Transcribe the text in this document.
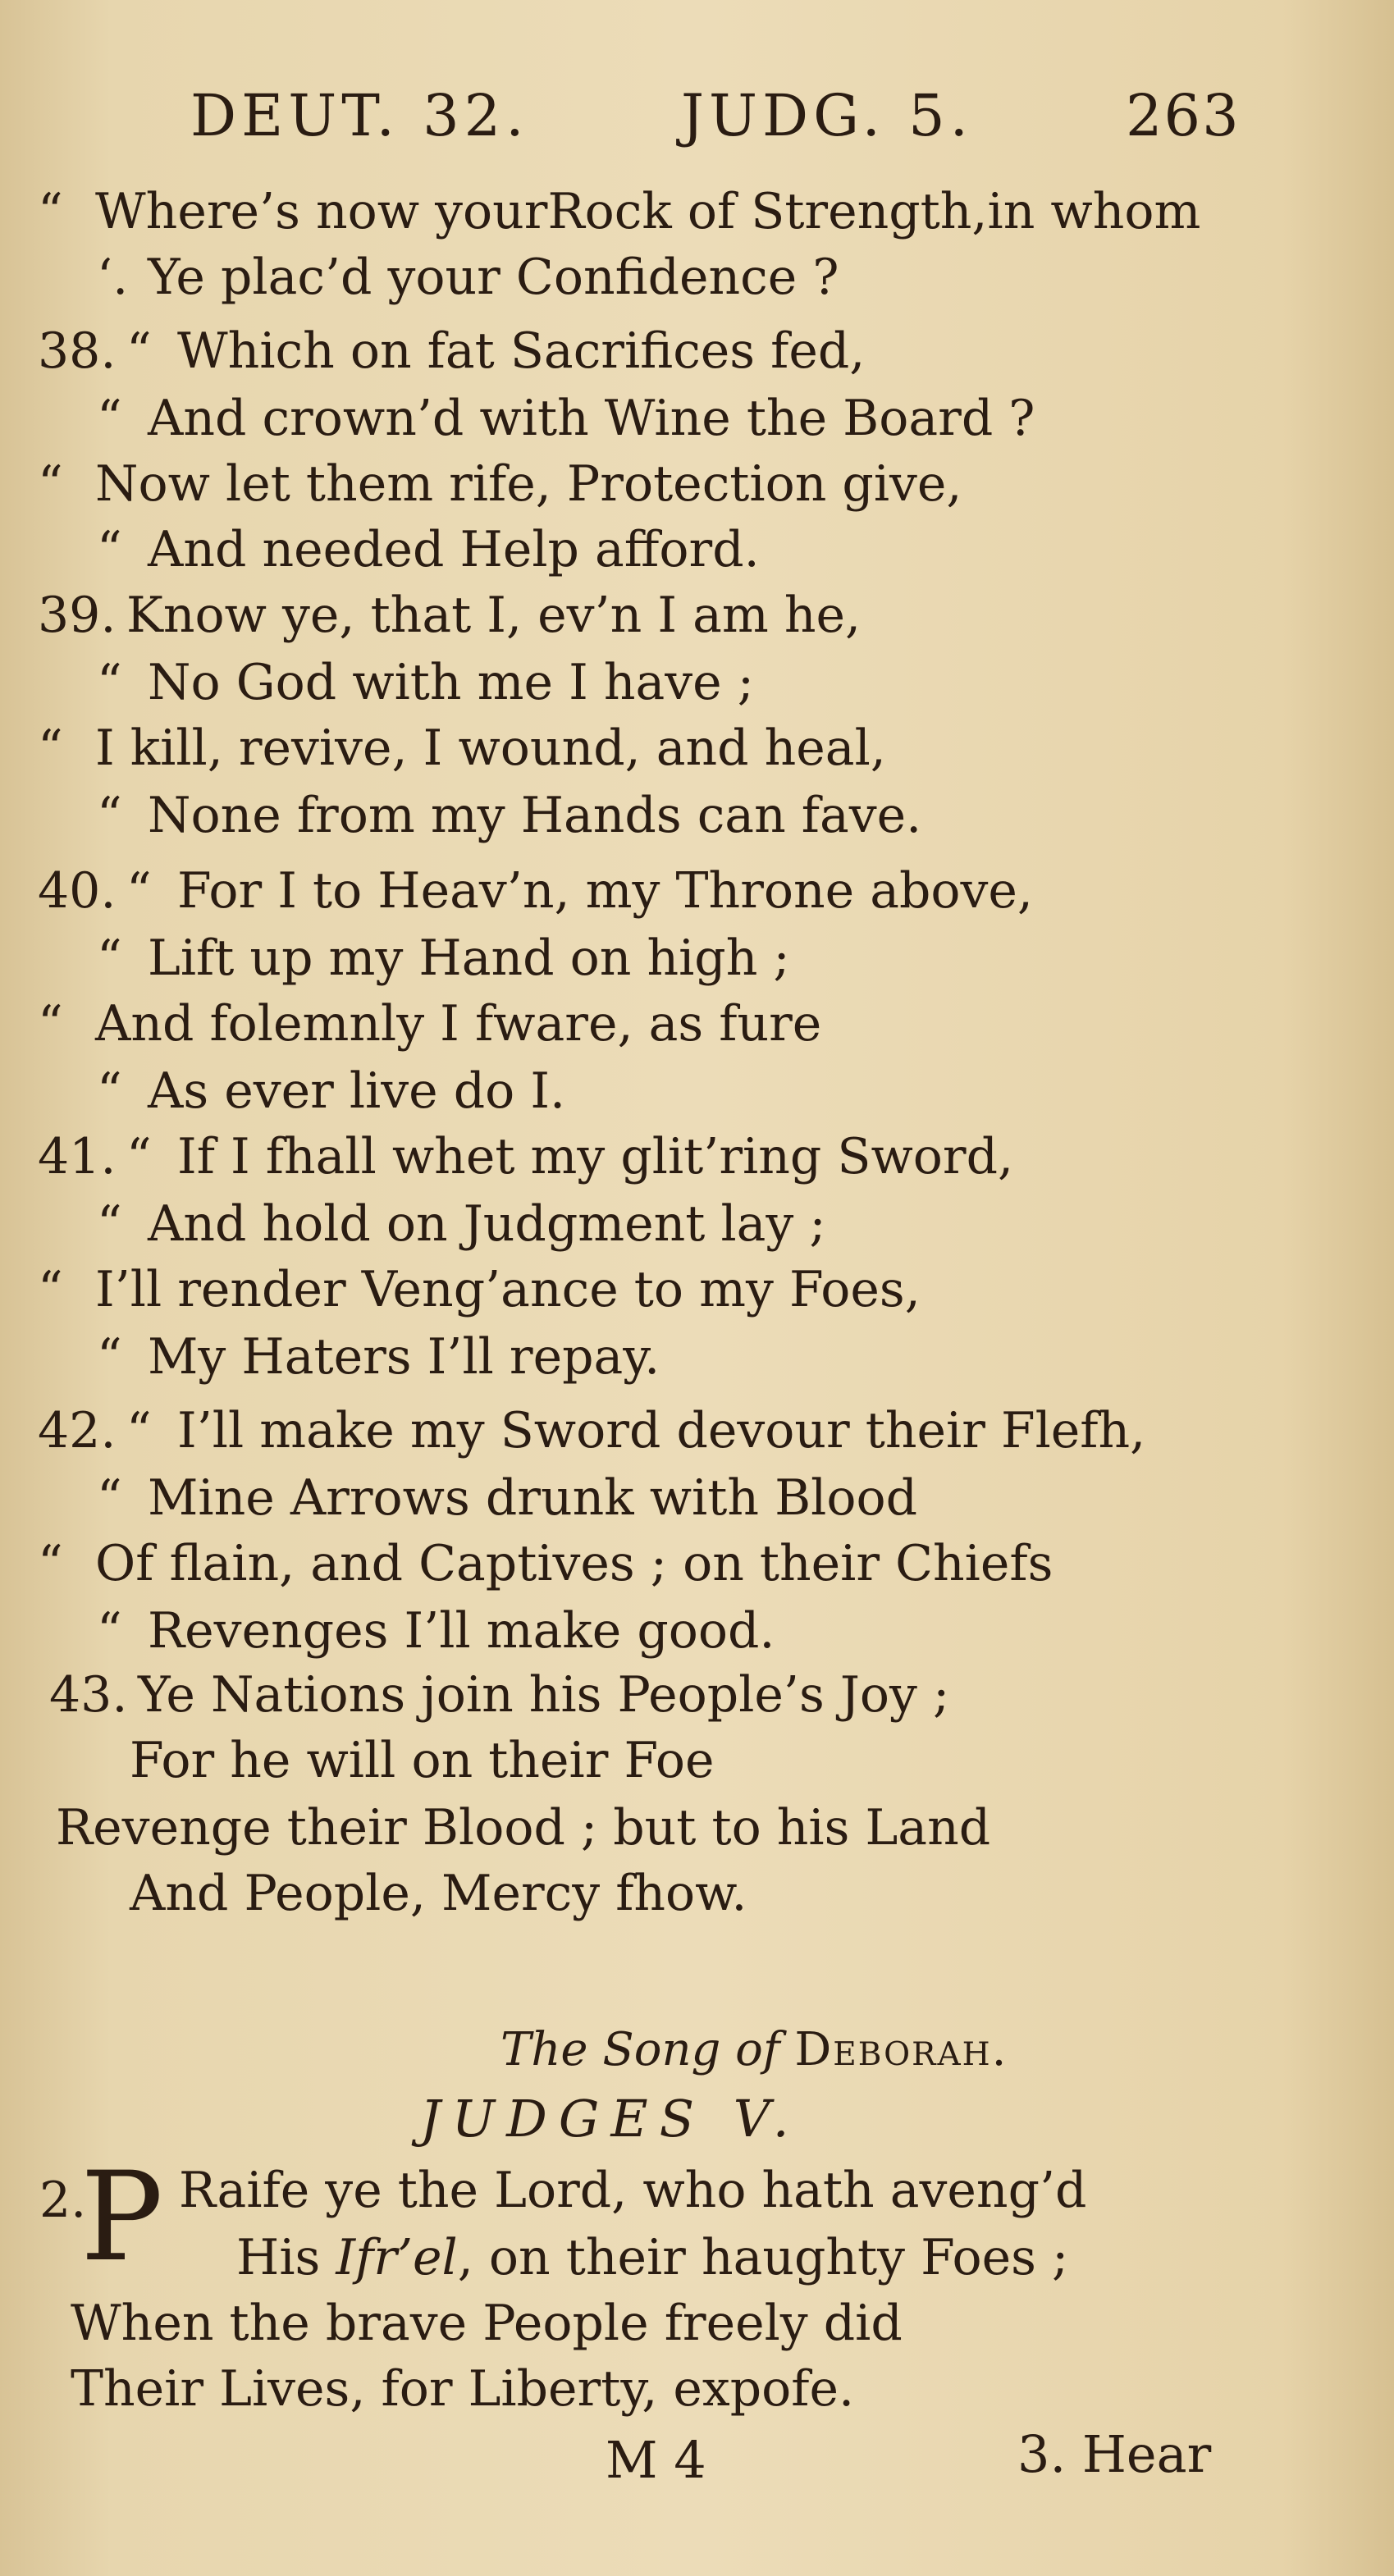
DEUT. 32.	JUDG. 5.	263
The Song of Deborah.
JUDGES V.
2.
P Raife ye the Lord, who hath aveng’d
His Ifr’el, on their haughty Foes ;
When the brave People freely did
Their Lives, for Liberty, expofe.
M 4	3. Hear
“ Where’s now yourRock of Strength,in whom
‘. Ye plac’d your Confidence ?
38. “ Which on fat Sacrifices fed,
“ And crown’d with Wine the Board ?
“ Now let them rife, Protection give,
“ And needed Help afford.
39. Know ye, that I, ev’n I am he,
“ No God with me I have ;
“ I kill, revive, I wound, and heal,
“ None from my Hands can fave.
40. “ For I to Heav’n, my Throne above,
“ Lift up my Hand on high ;
“ And folemnly I fware, as fure
“ As ever live do I.
41. “ If I fhall whet my glit’ring Sword,
“ And hold on Judgment lay ;
“ I’ll render Veng’ance to my Foes,
“ My Haters I’ll repay.
42. “ I’ll make my Sword devour their Flefh,
“ Mine Arrows drunk with Blood
“ Of flain, and Captives ; on their Chiefs
“ Revenges I’ll make good.
43. Ye Nations join his People’s Joy ;
For he will on their Foe
Revenge their Blood ; but to his Land
And People, Mercy fhow.
